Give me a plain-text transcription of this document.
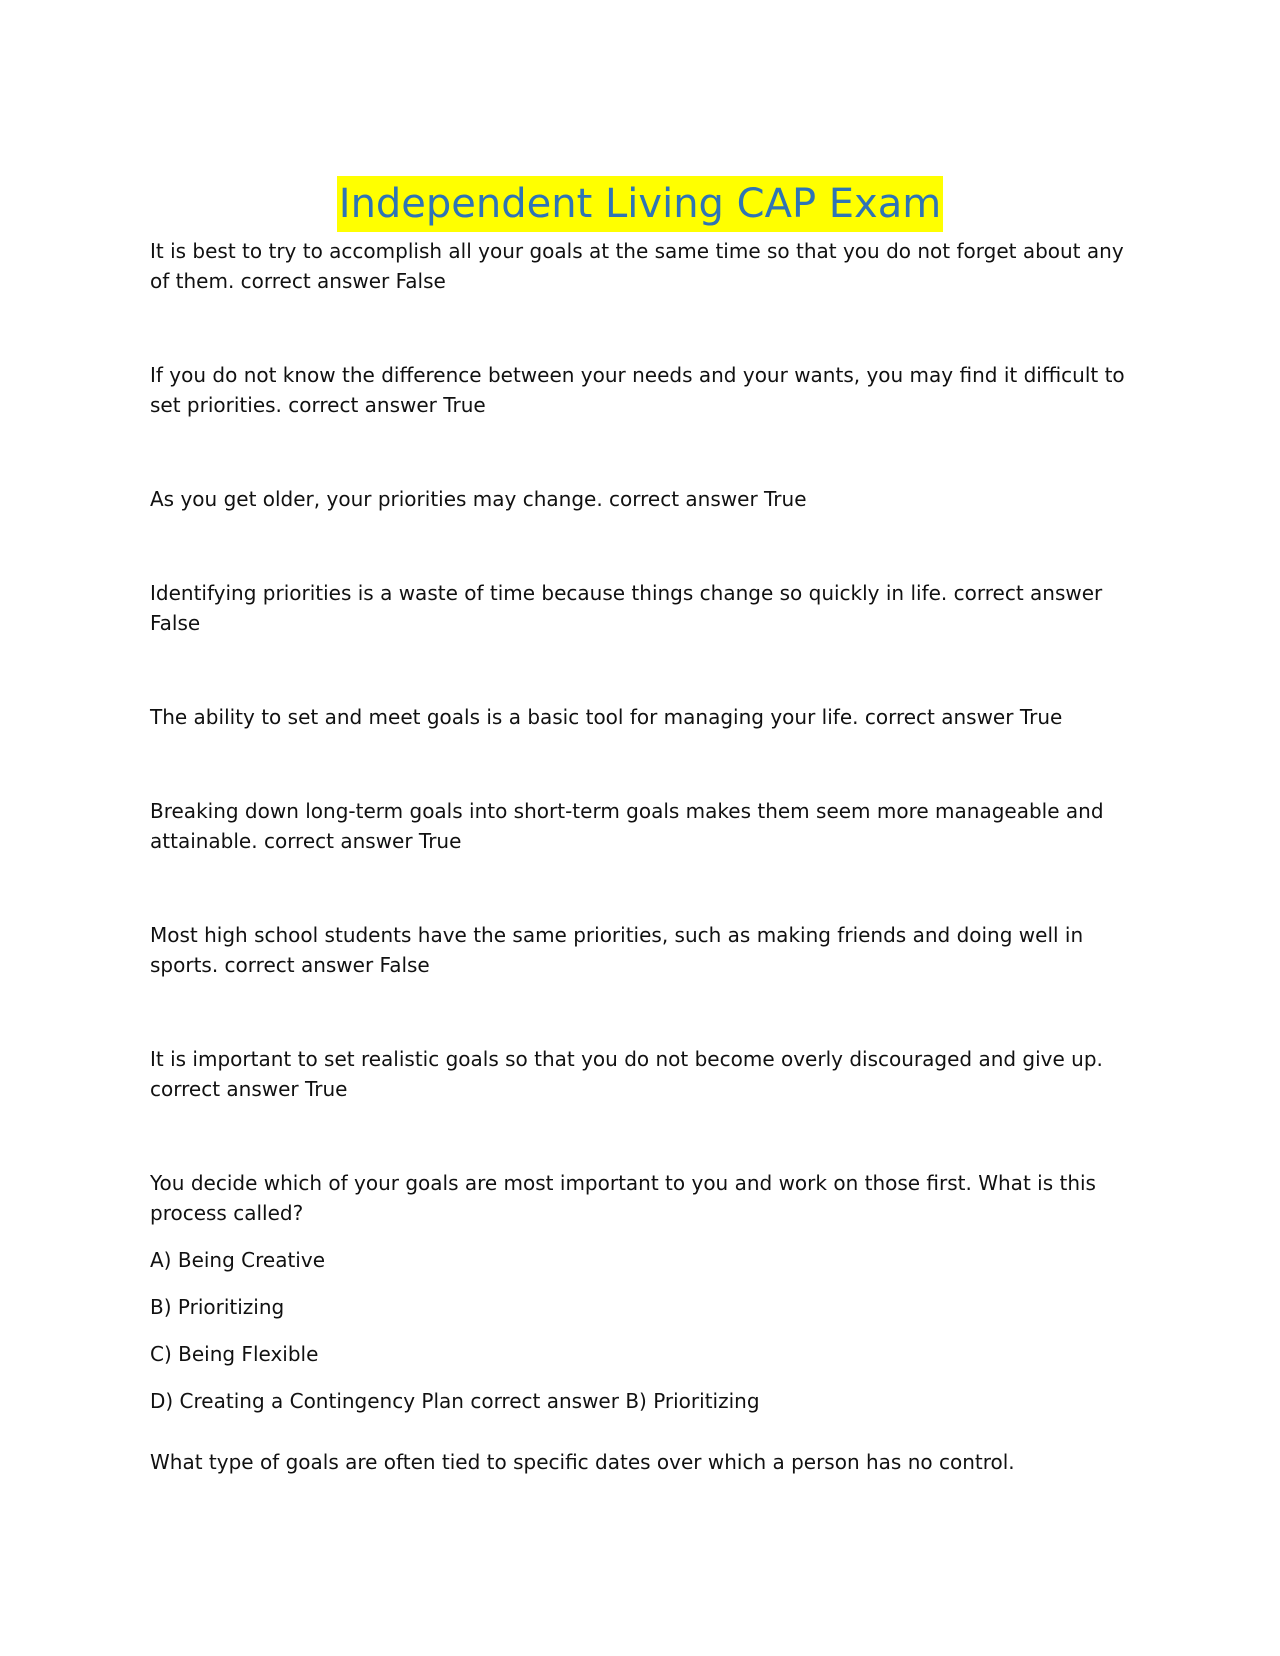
Independent Living CAP Exam

It is best to try to accomplish all your goals at the same time so that you do not forget about any of them. correct answer False

If you do not know the difference between your needs and your wants, you may find it difficult to set priorities. correct answer True

As you get older, your priorities may change. correct answer True

Identifying priorities is a waste of time because things change so quickly in life. correct answer False

The ability to set and meet goals is a basic tool for managing your life. correct answer True

Breaking down long-term goals into short-term goals makes them seem more manageable and attainable. correct answer True

Most high school students have the same priorities, such as making friends and doing well in sports. correct answer False

It is important to set realistic goals so that you do not become overly discouraged and give up. correct answer True

You decide which of your goals are most important to you and work on those first. What is this process called?

A) Being Creative

B) Prioritizing

C) Being Flexible

D) Creating a Contingency Plan correct answer B) Prioritizing

What type of goals are often tied to specific dates over which a person has no control.
